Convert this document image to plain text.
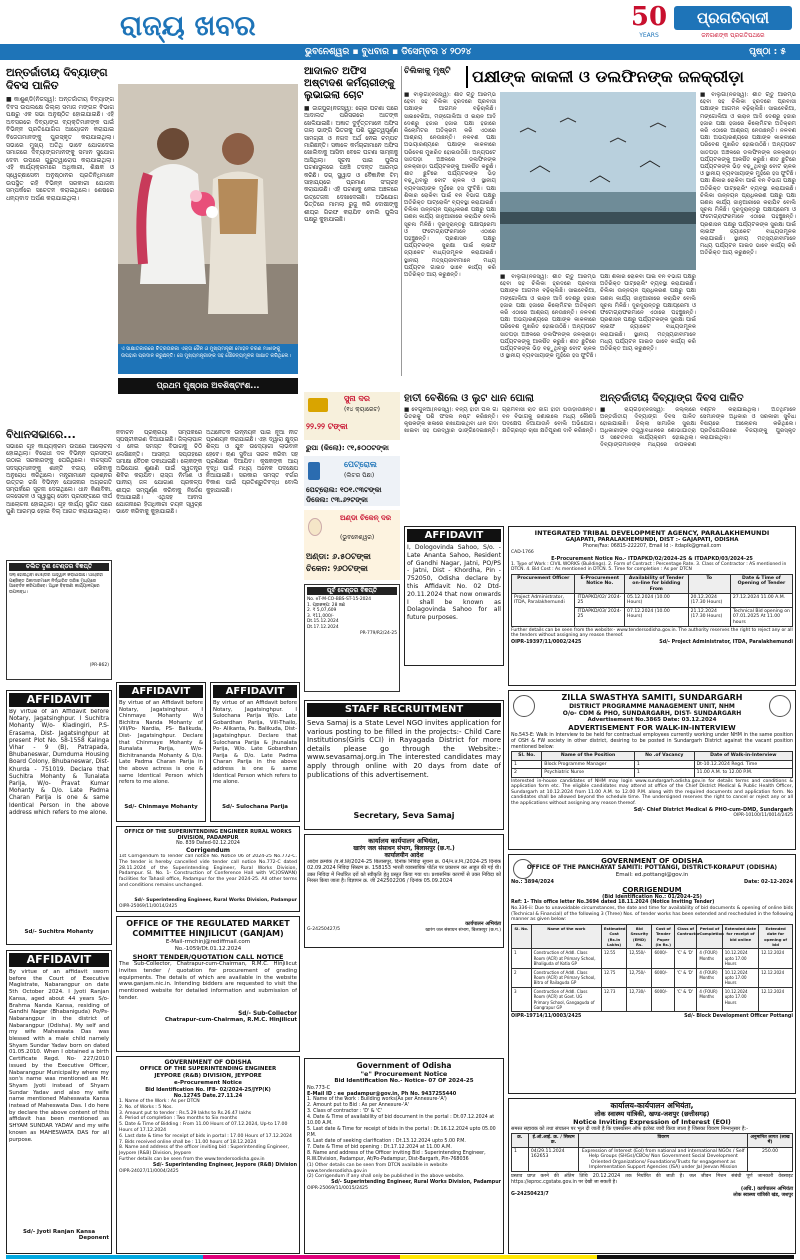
ରାଜ୍ୟ ଖବର
ଭୁବନେଶ୍ୱର ▪ ବୁଧବାର ▪ ଡିସେମ୍ବର ୪ ୨୦୨୪	ପୃଷ୍ଠା : ୫
50
YEARS
ପ୍ରଗତିବାଦୀ
ଜନଗଣଙ୍କ ପ୍ରଗତିପଥରେ
ଅନ୍ତର୍ଜାତୀୟ ଦିବ୍ୟାଙ୍ଗ ଦିବସ ପାଳିତ
■ କାଶୁଣ୍ଡି(ନିଜସ୍ୱ): ଅନ୍ତର୍ଜାତୀୟ ଦିବ୍ୟାଙ୍ଗ ଦିବସ ଉପଲକ୍ଷେ ଜିଲ୍ଲା ସମାଜ ମଙ୍ଗଳ ବିଭାଗ ପକ୍ଷରୁ ଏକ ସଭା ଅନୁଷ୍ଠିତ ହୋଇଯାଇଛି। ଏହି ଅବସରରେ ଦିବ୍ୟାଙ୍ଗ ବ୍ୟକ୍ତିମାନଙ୍କ ପାଇଁ ବିଭିନ୍ନ ପ୍ରତିଯୋଗିତା ଆୟୋଜନ କରାଯାଇ ବିଜେତାମାନଙ୍କୁ ପୁରସ୍କୃତ କରାଯାଇଥିଲା। ସଭାରେ ମୁଖ୍ୟ ଅତିଥି ଭାବେ ଯୋଗଦେଇ ସମାଜରେ ଦିବ୍ୟାଙ୍ଗମାନଙ୍କୁ ସମାନ ସୁଯୋଗ ଦେବା ଉପରେ ଗୁରୁତ୍ୱାରୋପ କରାଯାଇଥିଲା। ଏହି କାର୍ଯ୍ୟକ୍ରମରେ ଅଧିକାରୀ, ଶିକ୍ଷକ ଓ ସ୍ୱେଚ୍ଛାସେବୀ ଅନୁଷ୍ଠାନର ପ୍ରତିନିଧିମାନେ ଉପସ୍ଥିତ ରହି ବିଭିନ୍ନ ସରକାରୀ ଯୋଜନା ସମ୍ପର୍କରେ ସଚେତନ କରାଇଥିଲେ। ଶେଷରେ ଧନ୍ୟବାଦ ଅର୍ପଣ କରାଯାଇଥିଲା।
ଏ ସାକ୍ଷାତକାରରେ ଚିତ୍ରତାରକା ଏକ୍ତା ଜୈନ ଓ ମୁଖ୍ୟମନ୍ତ୍ରୀ ମୋହନ ଚରଣ ମାଝୀଙ୍କୁ ଉପହାର ପ୍ରଦାନ କରୁଛନ୍ତି। ସେ ମୁଖ୍ୟମନ୍ତ୍ରୀଙ୍କ ସହ ସୌଜନ୍ୟମୂଳକ ସାକ୍ଷାତ କରିଥିଲେ।
ଆଦାଲତ ଅଫିସ ଅଷ୍ଟାଦଶ କର୍ମଚାରୀଙ୍କୁ ଲୁଭାଇଲା ଚୋଟ
■ ଜାଜପୁର(ନିଜସ୍ୱ): ଚୋରି ଘଟଣା ପରେ ଆଦାଲତ ପରିସରରେ ଆତଙ୍କ ଖେଳିଯାଇଛି। ଅଜ୍ଞାତ ଦୁର୍ବୃତ୍ତମାନେ ଅଫିସ ତାଲା ଭାଙ୍ଗି ଭିତରକୁ ପଶି ଗୁରୁତ୍ୱପୂର୍ଣ୍ଣ ସାମଗ୍ରୀ ଓ ନଗଦ ଅର୍ଥ ନେଇ ଚମ୍ପଟ ମାରିଛନ୍ତି। ସକାଳେ କର୍ମଚାରୀମାନେ ଅଫିସ ଖୋଲିବାକୁ ଆସିବା ବେଳେ ଘଟଣା ସାମ୍ନାକୁ ଆସିଥିଲା। ସୂଚନା ପାଇ ପୁଲିସ ଘଟଣାସ୍ଥଳରେ ପହଞ୍ଚି ତଦନ୍ତ ଆରମ୍ଭ କରିଛି। ଡଗ୍ ସ୍କ୍ୱାଡ ଓ ବୈଜ୍ଞାନିକ ଟିମ୍ ସାହାଯ୍ୟରେ ପ୍ରମାଣ ସଂଗ୍ରହ କରାଯାଉଛି। ଏହି ଘଟଣାକୁ ନେଇ ଅଞ୍ଚଳରେ ଉତ୍ତେଜନା ଦେଖାଦେଇଛି। ଅଭିଯୋଗ ଭିତ୍ତିରେ ମାମଲା ରୁଜୁ କରି ଦୋଷୀଙ୍କୁ ଶୀଘ୍ର ଗିରଫ କରାଯିବ ବୋଲି ପୁଲିସ ପକ୍ଷରୁ କୁହାଯାଇଛି।
ଚିଲିକାକୁ ମୃଷ୍ଟି	ପକ୍ଷୀଙ୍କ କାକଳୀ ଓ ଡଲଫିନଙ୍କ ଜଳକ୍ରୀଡ଼ା
■ ବାଲୁଗାଁ(ନିଜସ୍ୱ): ଶୀତ ଋତୁ ଆରମ୍ଭ ହେବା ସହ ଚିଲିକା ହ୍ରଦରେ ପ୍ରବାସୀ ପକ୍ଷୀଙ୍କ ଆଗମନ ବଢ଼ିଚାଲିଛି। ସାଇବେରିଆ, ମଙ୍ଗୋଲିଆ ଓ ଇରାନ ଆଦି ଦେଶରୁ ହଜାର ହଜାର ପକ୍ଷୀ ହଜାରେ କିଲୋମିଟର ଅତିକ୍ରମ କରି ଏଠାରେ ଆଶ୍ରୟ ନେଉଛନ୍ତି। ନଳବଣ ପକ୍ଷୀ ଅଭୟାରଣ୍ୟରେ ପକ୍ଷୀଙ୍କ କାକଳୀରେ ପରିବେଶ ମୁଖରିତ ହୋଇଉଠିଛି। ଅନ୍ୟପଟେ ସାତପଡ଼ା ଅଞ୍ଚଳରେ ଡଲଫିନଙ୍କ ଜଳକ୍ରୀଡ଼ା ପର୍ଯ୍ୟଟକଙ୍କୁ ଆକର୍ଷିତ କରୁଛି। ଶୀତ ଛୁଟିରେ ପର୍ଯ୍ୟଟକଙ୍କ ଭିଡ଼ ବଢ଼ୁଥିବାରୁ ବୋଟ ଚାଳକ ଓ ସ୍ଥାନୀୟ ବ୍ୟବସାୟୀଙ୍କ ମୁହଁରେ ହସ ଫୁଟିଛି। ପକ୍ଷୀ ଶିକାର ରୋକିବା ପାଇଁ ବନ ବିଭାଗ ପକ୍ଷରୁ ଅତିରିକ୍ତ ପାଟ୍ରୋଲିଂ ବ୍ୟବସ୍ଥା କରାଯାଇଛି। ଚିଲିକା ଉନ୍ନୟନ ପ୍ରାଧିକରଣ ପକ୍ଷରୁ ପକ୍ଷୀ ଗଣନା କାର୍ଯ୍ୟ ଜାନୁଆରୀରେ କରାଯିବ ବୋଲି ସୂଚନା ମିଳିଛି। ଦୂରଦୂରାନ୍ତରୁ ପକ୍ଷୀପ୍ରେମୀ ଓ ଫଟୋଗ୍ରାଫରମାନେ ଏଠାରେ ପହଞ୍ଚୁଛନ୍ତି। ପ୍ରଶାସନ ପକ୍ଷରୁ ପର୍ଯ୍ୟଟକଙ୍କ ସୁରକ୍ଷା ପାଇଁ ଲାଇଫ ଜ୍ୟାକେଟ ବାଧ୍ୟତାମୂଳକ କରାଯାଇଛି। ସ୍ଥାନୀୟ ମତ୍ସ୍ୟଜୀବୀମାନେ ମଧ୍ୟ ପର୍ଯ୍ୟଟନ ଗାଇଡ ଭାବେ କାର୍ଯ୍ୟ କରି ଅତିରିକ୍ତ ଆୟ କରୁଛନ୍ତି।	■ ବାଲୁଗାଁ(ନିଜସ୍ୱ): ଶୀତ ଋତୁ ଆରମ୍ଭ ହେବା ସହ ଚିଲିକା ହ୍ରଦରେ ପ୍ରବାସୀ ପକ୍ଷୀଙ୍କ ଆଗମନ ବଢ଼ିଚାଲିଛି। ସାଇବେରିଆ, ମଙ୍ଗୋଲିଆ ଓ ଇରାନ ଆଦି ଦେଶରୁ ହଜାର ହଜାର ପକ୍ଷୀ ହଜାରେ କିଲୋମିଟର ଅତିକ୍ରମ କରି ଏଠାରେ ଆଶ୍ରୟ ନେଉଛନ୍ତି। ନଳବଣ ପକ୍ଷୀ ଅଭୟାରଣ୍ୟରେ ପକ୍ଷୀଙ୍କ କାକଳୀରେ ପରିବେଶ ମୁଖରିତ ହୋଇଉଠିଛି। ଅନ୍ୟପଟେ ସାତପଡ଼ା ଅଞ୍ଚଳରେ ଡଲଫିନଙ୍କ ଜଳକ୍ରୀଡ଼ା ପର୍ଯ୍ୟଟକଙ୍କୁ ଆକର୍ଷିତ କରୁଛି। ଶୀତ ଛୁଟିରେ ପର୍ଯ୍ୟଟକଙ୍କ ଭିଡ଼ ବଢ଼ୁଥିବାରୁ ବୋଟ ଚାଳକ ଓ ସ୍ଥାନୀୟ ବ୍ୟବସାୟୀଙ୍କ ମୁହଁରେ ହସ ଫୁଟିଛି। ପକ୍ଷୀ ଶିକାର ରୋକିବା ପାଇଁ ବନ ବିଭାଗ ପକ୍ଷରୁ ଅତିରିକ୍ତ ପାଟ୍ରୋଲିଂ ବ୍ୟବସ୍ଥା କରାଯାଇଛି। ଚିଲିକା ଉନ୍ନୟନ ପ୍ରାଧିକରଣ ପକ୍ଷରୁ ପକ୍ଷୀ ଗଣନା କାର୍ଯ୍ୟ ଜାନୁଆରୀରେ କରାଯିବ ବୋଲି ସୂଚନା ମିଳିଛି। ଦୂରଦୂରାନ୍ତରୁ ପକ୍ଷୀପ୍ରେମୀ ଓ ଫଟୋଗ୍ରାଫରମାନେ ଏଠାରେ ପହଞ୍ଚୁଛନ୍ତି। ପ୍ରଶାସନ ପକ୍ଷରୁ ପର୍ଯ୍ୟଟକଙ୍କ ସୁରକ୍ଷା ପାଇଁ ଲାଇଫ ଜ୍ୟାକେଟ ବାଧ୍ୟତାମୂଳକ କରାଯାଇଛି। ସ୍ଥାନୀୟ ମତ୍ସ୍ୟଜୀବୀମାନେ ମଧ୍ୟ ପର୍ଯ୍ୟଟନ ଗାଇଡ ଭାବେ କାର୍ଯ୍ୟ କରି ଅତିରିକ୍ତ ଆୟ କରୁଛନ୍ତି।
■ ବାଲୁଗାଁ(ନିଜସ୍ୱ): ଶୀତ ଋତୁ ଆରମ୍ଭ ହେବା ସହ ଚିଲିକା ହ୍ରଦରେ ପ୍ରବାସୀ ପକ୍ଷୀଙ୍କ ଆଗମନ ବଢ଼ିଚାଲିଛି। ସାଇବେରିଆ, ମଙ୍ଗୋଲିଆ ଓ ଇରାନ ଆଦି ଦେଶରୁ ହଜାର ହଜାର ପକ୍ଷୀ ହଜାରେ କିଲୋମିଟର ଅତିକ୍ରମ କରି ଏଠାରେ ଆଶ୍ରୟ ନେଉଛନ୍ତି। ନଳବଣ ପକ୍ଷୀ ଅଭୟାରଣ୍ୟରେ ପକ୍ଷୀଙ୍କ କାକଳୀରେ ପରିବେଶ ମୁଖରିତ ହୋଇଉଠିଛି। ଅନ୍ୟପଟେ ସାତପଡ଼ା ଅଞ୍ଚଳରେ ଡଲଫିନଙ୍କ ଜଳକ୍ରୀଡ଼ା ପର୍ଯ୍ୟଟକଙ୍କୁ ଆକର୍ଷିତ କରୁଛି। ଶୀତ ଛୁଟିରେ ପର୍ଯ୍ୟଟକଙ୍କ ଭିଡ଼ ବଢ଼ୁଥିବାରୁ ବୋଟ ଚାଳକ ଓ ସ୍ଥାନୀୟ ବ୍ୟବସାୟୀଙ୍କ ମୁହଁରେ ହସ ଫୁଟିଛି। ପକ୍ଷୀ ଶିକାର ରୋକିବା ପାଇଁ ବନ ବିଭାଗ ପକ୍ଷରୁ ଅତିରିକ୍ତ ପାଟ୍ରୋଲିଂ ବ୍ୟବସ୍ଥା କରାଯାଇଛି। ଚିଲିକା ଉନ୍ନୟନ ପ୍ରାଧିକରଣ ପକ୍ଷରୁ ପକ୍ଷୀ ଗଣନା କାର୍ଯ୍ୟ ଜାନୁଆରୀରେ କରାଯିବ ବୋଲି ସୂଚନା ମିଳିଛି। ଦୂରଦୂରାନ୍ତରୁ ପକ୍ଷୀପ୍ରେମୀ ଓ ଫଟୋଗ୍ରାଫରମାନେ ଏଠାରେ ପହଞ୍ଚୁଛନ୍ତି। ପ୍ରଶାସନ ପକ୍ଷରୁ ପର୍ଯ୍ୟଟକଙ୍କ ସୁରକ୍ଷା ପାଇଁ ଲାଇଫ ଜ୍ୟାକେଟ ବାଧ୍ୟତାମୂଳକ କରାଯାଇଛି। ସ୍ଥାନୀୟ ମତ୍ସ୍ୟଜୀବୀମାନେ ମଧ୍ୟ ପର୍ଯ୍ୟଟନ ଗାଇଡ ଭାବେ କାର୍ଯ୍ୟ କରି ଅତିରିକ୍ତ ଆୟ କରୁଛନ୍ତି।
ପ୍ରଥମ ପୃଷ୍ଠାର ଅବଶିଷ୍ଟାଂଶ...
ବିଧାନସଭାରେ...
ସଭାରେ ଗୃହ କାର୍ଯ୍ୟକ୍ରମ ଉପରେ ଆଲୋଚନା ହୋଇଥିଲା। ବିରୋଧୀ ଦଳ ବିଭିନ୍ନ ପ୍ରସଙ୍ଗ ଉଠାଇ ସରକାରଙ୍କୁ ଘେରିଥିଲେ। ବାଚସ୍ପତି ସଦସ୍ୟମାନଙ୍କୁ ଶାନ୍ତି ବଜାୟ ରଖିବାକୁ ଅନୁରୋଧ କରିଥିଲେ। ମନ୍ତ୍ରୀମାନେ ପ୍ରଶ୍ନର ଉତ୍ତର ରଖି ବିଭିନ୍ନ ଯୋଜନାର ଅଗ୍ରଗତି ସମ୍ପର୍କରେ ସୂଚନା ଦେଇଥିଲେ। ଧାନ କିଣାବିକା, ଜଳସେଚନ ଓ ସ୍ୱାସ୍ଥ୍ୟ ସେବା ପ୍ରସଙ୍ଗରେ ଦୀର୍ଘ ଆଲୋଚନା ହୋଇଥିଲା। ଗୃହ କାର୍ଯ୍ୟ ସ୍ଥଗିତ ପରେ ପୁଣି ଆରମ୍ଭ ହୋଇ ବିଲ୍ ଆଗତ କରାଯାଇଥିଲା।
ଚଲିତ ତୃଣ ଟେଣ୍ଡର ବିଜ୍ଞପ୍ତି
ସିଲ୍ ହୋଇଥିବା ଟେଣ୍ଡର ଆହ୍ୱାନ କରାଯାଉଛି। ଆଗ୍ରହୀ ପଞ୍ଜିକୃତ ଠିକାଦାରମାନେ ନିର୍ଦ୍ଧାରିତ ତାରିଖ ମଧ୍ୟରେ ଆବେଦନ କରିପାରିବେ। ଅଧିକ ବିବରଣୀ କାର୍ଯ୍ୟାଳୟରେ ଉପଲବ୍ଧ।
(PR-862)
ନିର୍ବାଚନ ପ୍ରକ୍ରିୟା ସମ୍ପର୍କରେ ସ୍ପଷ୍ଟୀକରଣ ଦିଆଯାଇଛି। ଜିଲ୍ଲାପାଳ ଏ ନେଇ ସମସ୍ତ ବିଭାଗକୁ ଚିଠି ଲେଖିଛନ୍ତି। ଆସନ୍ତା ସପ୍ତାହରେ ସମୀକ୍ଷା ବୈଠକ ଡକାଯାଇଛି। ଲୋକଙ୍କ ଅଭିଯୋଗ ଶୁଣାଣି ପାଇଁ ସ୍ୱତନ୍ତ୍ର ଶିବିର କରାଯିବ। ରାସ୍ତା ନିର୍ମାଣ ଓ ପାନୀୟ ଜଳ ଯୋଗାଣ ପ୍ରକଳ୍ପ ଶୀଘ୍ର ସମ୍ପୂର୍ଣ୍ଣ କରିବାକୁ ନିର୍ଦ୍ଦେଶ ଦିଆଯାଇଛି। ଏଥିସହ ଆବାସ ଯୋଜନାରେ ହିତାଧିକାରୀ ଚୟନ ସ୍ୱଚ୍ଛ ଭାବେ କରିବାକୁ କୁହାଯାଇଛି।
ଅର୍ଥନୈତିକ ଉନ୍ନୟନ ପାଇଁ ନୂଆ ନୀତି ପ୍ରଣୟନ କରାଯାଇଛି। ଏହା ଦ୍ୱାରା କ୍ଷୁଦ୍ର ଶିଳ୍ପ ଓ ଯୁବ ଉଦ୍ୟୋଗୀ ଲାଭବାନ ହେବେ। ଋଣ ସୁବିଧା ସରଳ କରିବା ସହ ପ୍ରଶିକ୍ଷଣ ଦିଆଯିବ। କୃଷକଙ୍କ ଆୟ ବୃଦ୍ଧି ପାଇଁ ମଧ୍ୟ ଅନେକ ପଦକ୍ଷେପ ନିଆଯାଇଛି। ସରକାର ସମସ୍ତ ବର୍ଗର ବିକାଶ ପାଇଁ ପ୍ରତିଶ୍ରୁତିବଦ୍ଧ ବୋଲି କୁହାଯାଇଛି।
ସୁନା ଦର
(୧୪ କ୍ୟାରେଟ)
୨୨.୨୨ ଟଙ୍କା
ରୁପା (କିଲୋ): ୯୧,୫୦୦ଟଙ୍କା
ପେଟ୍ରୋଲ
(ଲିଟର ପିଛା)
ପେଟ୍ରୋଲ: ୧୦୧.୯୩ଟଙ୍କା
ଡିଜେଲ: ୯୩.୬୨ଟଙ୍କା
ଅଣ୍ଡା ଚିକେନ୍ ଦର
(ଭୁବନେଶ୍ୱର)
ଅଣ୍ଡା: ୬.୫୦ଟଙ୍କା
ଚିକେନ: ୨୬୦ଟଙ୍କା
ପୂର୍ବ ଟେଣ୍ଡର ବିଜ୍ଞପ୍ତି
No. eT-M-CO-BBS-ST-15-2024
1. ପ୍ରକଳ୍ପ: 28 ଜଣ
2. ₹ 5,07,609
3. ₹11,000/-
Dt.15.12.2024
Dt.17.12.2024
PR-779/R2/24-25
ହାତୀ ବେଶିଲେ ଓ ଲୁଟ ଧାନ ପୋଲା
■ ବେଗୁନିଆ(ନିଜସ୍ୱ): ବନ୍ୟ ହାତୀ ପଲ ଗାଁ ଭିତରକୁ ପଶି ଫସଲ ନଷ୍ଟ କରିଛନ୍ତି। କୃଷକଙ୍କ ଖଳାରେ ରଖାଯାଇଥିବା ଧାନ ଗଦା ଖାଇବା ସହ ଘରଦ୍ୱାର ଭାଙ୍ଗିଦେଇଛନ୍ତି। ଗ୍ରାମବାସୀ ରାତି ଜାଗି ହାତୀ ଘଉଡ଼ାଉଛନ୍ତି। ବନ ବିଭାଗକୁ ଜଣାଇଲେ ମଧ୍ୟ କୌଣସି ପଦକ୍ଷେପ ନିଆଯାଉନି ବୋଲି ଅଭିଯୋଗ। କ୍ଷତିଗ୍ରସ୍ତ ଚାଷୀ କ୍ଷତିପୂରଣ ଦାବି କରିଛନ୍ତି।
ଅନ୍ତର୍ଜାତୀୟ ଦିବ୍ୟାଙ୍ଗ ଦିବସ ପାଳିତ
■ ରାୟଗଡ଼ା(ନିଜସ୍ୱ): ଜିଲ୍ଲାରେ ଅନ୍ତର୍ଜାତୀୟ ଦିବ୍ୟାଙ୍ଗ ଦିବସ ପାଳିତ ହୋଇଯାଇଛି। ଜିଲ୍ଲା ସାମାଜିକ ସୁରକ୍ଷା ଅଧିକାରୀଙ୍କ ତତ୍ତ୍ୱାବଧାନରେ ଶୋଭାଯାତ୍ରା ଓ ସଚେତନତା କାର୍ଯ୍ୟକ୍ରମ ହୋଇଥିଲା। ଦିବ୍ୟାଙ୍ଗମାନଙ୍କ ମଧ୍ୟରେ ଉପକରଣ ବଣ୍ଟନ କରାଯାଇଥିଲା। ଅତିଥିମାନେ ସେମାନଙ୍କ ଅଧିକାର ଓ ସରକାରୀ ସୁବିଧା ବିଷୟରେ ଆଲୋଚନା କରିଥିଲେ। ପ୍ରତିଯୋଗିତାରେ ବିଜୟୀଙ୍କୁ ପୁରସ୍କୃତ କରାଯାଇଥିଲା।
INTEGRATED TRIBAL DEVELOPMENT AGENCY, PARALAKHEMUNDI
GAJAPATI, PARALAKHEMUNDI, DIST :- GAJAPATI, ODISHA
Phone/Fax: 06815-222207, Email Id :- itdaplk@gmail.com
CAD-1766
E-Procurement Notice No.- ITDAPKD/02/2024-25 & ITDAPKD/03/2024-25
1. Type of Work : CIVIL WORKS (Buildings). 2. Form of Contract : Percentage Rate. 3. Class of Contractor : AS mentioned in DTCN. 4. Bid Cost : As mentioned in DTCN. 5. Time for completion : As per DTCN
Procurement Officer	E-Procurement Notice No.	Availability of Tender on-line for bidding From	To	Date & Time of Opening of Tender
Project Administrator, ITDA, Paralakhemundi	ITDAPKD/02/ 2024-25	05.12.2024 (10.00 Hours)	20.12.2024 (17.30 Hours)	27.12.2024 11.00 A.M.
	ITDAPKD/03/ 2024-25	07.12.2024 (10.00 Hours)	21.12.2024 (17.30 Hours)	Technical Bid opening on 07.01.2025 At 11.00 hours
Further details can be seen from the website:- www.tendersodisha.gov.in. The authority reserves the right to reject any or all the tenders without assigning any reason thereof.
OIPR-19397/11/0002/2425	Sd/- Project Administrator, ITDA, Paralakhemundi
ZILLA SWASTHYA SAMITI, SUNDARGARH
DISTRICT PROGRAMME MANAGEMENT UNIT, NHM
O/o- CDM & PHO, SUNDARGARH, DIST- SUNDARGARH
Advertisement No.3865 Date: 03.12.2024
ADVERTISEMENT FOR WALK-IN-INTERVIEW
No.543-E: Walk in Interview to be held for contractual employees currently working under NHM in the same position of OSH & FW society in other district, desiring to be posted in Sundargarh District against the vacant position mentioned below:
Sl. No.	Name of the Position	No .of Vacancy	Date of Walk-in-Interview
1	Block Programme Manager	1	Dt-10.12.2024 Regd. Time
2	Psychiatric Nurse	1	11.00 A.M. to 12.00 P.M.
Interested in-house candidates of NHM may login www.sundargarh.odisha.gov.in for details terms and conditions & application form etc. The eligible candidates may attend at office of the Chief District Medical & Public Health Officer, Sundargarh at 10.12.2024 from 11.00 A.M. to 12.00 P.M. along with the required documents and application form. No candidates shall be allowed beyond the schedule time. The undersigned reserves the right to cancel or reject any or all the applications without assigning any reason thereof.
Sd/- Chief District Medical & PHO-cum-DMD, Sundargarh
OIPR-10100/11/0014/2425
AFFIDAVIT
By virtue of an Affidavit before Notary, Jagatsinghpur. I Chinmaye Mohanty W/o Bichitra Nanda Mohanty of Vill/Po- Nardia, PS- Balikuda, Dist- Jagatsinghpur. Declare that Chinmaye Mohanty & Runalata Parija, W/o- Bichitrananda Mohanty & D/o. Late Padma Charan Parija in the above actress is one & same Identical Person which refers to me alone.
Sd/- Chinmaye Mohanty
AFFIDAVIT
By virtue of an Affidavit before Notary, Jagatsinghpur. I Sulochana Parija W/o. Late Gobardhan Parija, Vill-Thailo, Po- Alikanta, Ps. Balikuda, Dist- Jagatsinghpur. Declare that Sulochana Parija & Jhunalata Parija, W/o. Late Gobardhan Parija & D/o. Late Padma Charan Parija in the above address is one & same Identical Person which refers to me alone.
Sd/- Sulochana Parija
AFFIDAVIT
By virtue of an Affidavit before Notary, Jagatsinghpur. I Suchitra Mohanty W/o- Kiadingiri, P.S- Erasama, Dist- Jagatsinghpur at present Plot No. 58-1558 Kalinga Vihar - 9 (B), Patrapada, Bhubaneswar, Dumduma Housing Board Colony, Bhubaneswar, Dist- Khurda - 751019. Declare that Suchitra Mohanty & Tunalata Parija, W/o- Pravat Kumar Mohanty & D/o. Late Padma Charan Parija is one & same Identical Person in the above address which refers to me alone.
Sd/- Suchitra Mohanty
AFFIDAVIT
By virtue of an affidavit sworn before the Court of Executive Magistrate, Nabarangpur on date 5th October 2024. I Jyoti Ranjan Kansa, aged about 44 years S/o- Brahma Nanda Kansa, residing of Gandhi Nagar (Bhabaniguda) Po/Ps- Nabarangpur in the district of Nabarangpur (Odisha). My self and my wife Maheswata Das was blessed with a male child namely Shyam Sundar Yadav born on dated 01.05.2010. When I obtained a birth Certificate Regd. No- 227/2010 issued by the Executive Officer, Nabarangpur Municipality where my son's name was mentioned as Mr. Shyam Jyoti instead of Shyam Sundar Yadav and also my wife name mentioned Maheswata Kansa instead of Maheswata Das. I do here by declare the above content of this affidavit has been mentioned as SHYAM SUNDAR YADAV and my wife known as MAHESWATA DAS for all purpose.
Sd/- Jyoti Ranjan Kansa
Deponent
AFFIDAVIT
I, Dologovinda Sahoo, S/o. - Late Ananta Sahoo, Resident of Gandhi Nagar, Jatni, PO/PS - Jatni, Dist - Khordha, Pin - 752050, Odisha declare by this Affidavit No. 02 Dtd- 20.11.2024 that now onwards I shall be known as Dolagovinda Sahoo for all future purposes.
OFFICE OF THE SUPERINTENDING ENGINEER RURAL WORKS DIVISION, PADAMPUR
No. 839 Dated-02.12.2024
Corrigendum
1st Corrigendum to Tender call notice No. Notice 06 of 2024-25 No.772-C. The tender is hereby cancelled vide tender call notice No.772-C dated 28.11.2024 of the Superintending Engineer, Rural Works Division, Padampur. Sl. No. 1- Construction of Conference Hall with VC(OSWAN) facilities for Tahasil office, Padampur for the year 2024-25. All other terms and conditions remains unchanged.
Sd/- Superintending Engineer, Rural Works Division, Padampur
OIPR-25069/11/0014/2425
STAFF RECRUITMENT
Seva Samaj is a State Level NGO invites application for various posting to be filled in the projects:- Child Care Institutions(Girls CCI) in Rayagada District for more details please go through the Website:-www.sevasamaj.org.in The interested candidates may apply through online with 20 days from date of publications of this advertisement.
Secretary, Seva Samaj
कार्यालय कार्यपालन अभियंता,
खारंग जल संसाधन संभाग, बिलासपुर (छ.ग.)
कार्यालयीन आदेश
आदेश क्रमांक /व.से.लि/2024-25 बिलासपुर, दिनांक निविदा सूचना क्र. 04/न.त.नि./2024-25 दिनांक 02.09.2024 निविदा सिस्टम क्र. 158153 भारती व्यवसायिक पोर्टल पर प्रकाशन कर आहूत की गई थी। उक्त निविदा में निर्धारित दरों को स्वीकृति हेतु प्रस्तुत किया गया था। प्रशासनिक कारणों से उक्त निविदा को निरस्त किया जाता है। विज्ञापन क्र. जी 242502206 / दिनांक 05.09.2024
कार्यपालन अभियंता
G-24250427/5	खारंग जल संसाधन संभाग, बिलासपुर (छ.ग.)
OFFICE OF THE REGULATED MARKET COMMITTEE HINJILICUT (GANJAM)
E-Mail-rmchinj@rediffmail.com
No.-1059/Dt.01.12.2024
SHORT TENDER/QUOTATION CALL NOTICE
The Sub-Collector, Chatrapur-cum-Chairman, R.M.C. Hinjilicut invites tender / quotation for procurement of grading equipments. The details of which are available in the website www.ganjam.nic.in. Intending bidders are requested to visit the mentioned website for detailed information and submission of tender.
Sd/- Sub-Collector
Chatrapur-cum-Chairman, R.M.C. Hinjilicut
GOVERNMENT OF ODISHA
OFFICE OF THE SUPERINTENDING ENGINEER
JEYPORE (R&B) DIVISION, JEYPORE
e-Procurement Notice
Bid Identification No. IFB- 02/2024-25/JYP(K)
No.12745 Date.27.11.24
1. Name of the Work : As per DTCN
2. No. of Works : 5 Nos.
3. Amount put to tender : Rs.5.29 lakhs to Rs.26.47 lakhs
4. Period of completion : Two months to Six months
5. Date & Time of Bidding : From 11.00 Hours of 07.12.2024, Up-to 17.00 Hours of 17.12.2024
6. Last date & time for receipt of bids in portal : 17.00 Hours of 17.12.2024
7. Bids received online shall be : 11.00 hours of 18.12.2024
8. Name and address of the officer inviting bid : Superintending Engineer, Jeypore (R&B) Division, Jeypore
Further details can be seen from the www.tendersodisha.gov.in
Sd/- Superintending Engineer, Jeypore (R&B) Division
OIPR-24027/11/0004/2425
Government of Odisha
"e" Procurement Notice
Bid Identification No.- Notice- 07 OF 2024-25
No.773-C
E-Mail ID : ee_padampur@gov.in, Ph No. 9437255440
1. Name of the work : Building works(As per Annexure-'A')
2. Amount put to Bid : As per Annexure-'A'
3. Class of contractor : 'D' & 'C'
4. Date & Time of availability of bid document in the portal : Dt.07.12.2024 at 10.00 A.M.
5. Last date & Time for receipt of bids in the portal : Dt.16.12.2024 upto 05.00 P.M.
6. Last date of seeking clarification : Dt.13.12.2024 upto 5.00 P.M.
7. Date & Time of bid opening : Dt.17.12.2024 at 11.00 A.M.
8. Name and address of the Officer inviting Bid : Superintending Engineer, R.W.Division, Padampur, At/Po-Padampur, Dist-Bargarh, Pin-768036
(1) Other details can be seen from DTCN available in website www.tendersodisha.gov.in
(2) Corrigendum if any shall only be published in the above website.
Sd/- Superintending Engineer, Rural Works Division, Padampur
OIPR-25069/11/0015/2425
GOVERNMENT OF ODISHA
OFFICE OF THE PANCHAYAT SAMITI: POTTANGI, DISTRICT-KORAPUT (ODISHA)
Email: ed.pottangi@gov.in
No.: 3894/2024	Date: 02-12-2024
CORRIGENDUM
(Bid Identification No.: 01/2024-25)
Ref: 1- This office letter No.3694 dated 18.11.2024 (Notice Inviting Tender)
No.336-ii: Due to unavoidable circumstances, the date and time for availability of bid documents & opening of online bids (Technical & Financial) of the following 3 (Three) Nos. of tender works has been extended and rescheduled in the following manner as given below:
Sl. No.	Name of the work	Estimated Cost (Rs.in Lakhs)	Bid Security (EMD) Rs.	Cost of Tender Paper (In Rs.)	Class of Contractor	Period of Completion	Extended date for receipt of bid online	Extended date for opening of bid
1	Construction of Addl. Class Room (ACR) at Primary School, Bhaliguda of Kotia GP	12.55	12,550/-	6000/-	'C' & 'D'	4 (FOUR) Months	10.12.2024 upto 17.00 Hours	12.12.2024
2	Construction of Addl. Class Room (ACR) at Primary School, Bitra of Railaguda GP	12.75	12,750/-	6000/-	'C' & 'D'	4 (FOUR) Months	10.12.2024 upto 17.00 Hours	12.12.2024
3	Construction of Addl. Class Room (ACR) at Govt. UG Primary School, Gangaguda of Gangrapur GP	12.73	12,730/-	6000/-	'C' & 'D'	4 (FOUR) Months	10.12.2024 upto 17.00 Hours	12.12.2024
OIPR-19714/11/0003/2425	Sd/- Block Development Officer Pottangi
कार्यालय-कार्यपालन अभियंता,
लोक स्वास्थ्य यांत्रिकी, खण्ड-जशपुर (छत्तीसगढ़)
Notice Inviting Expression of Interest (EOI)
समस्त सहायक को तथा संचालन पर भूल दी जाती है कि एक्सप्रेसन ऑफ इंटरेस्ट जारी किया जाता है जिसका विवरण निम्नानुसार है:-
क्र.	ई.ओ.आई. क्र. / सिस्टम क्र.	विवरण	अनुमानित लागत (लाख में)
1	04/29.11.2024 162653	Expression of Interest (Eol) from national and international NGOs / Self Help Groups (SHGs)/CBOs/ Non Government Social Development Oriented Organizations/ Foundations/Trusts for engagement as Implementation Support Agencies (ISA) under Jal Jeevan Mission	250.00
प्रस्ताव प्राप्त करने की अंतिम तिथि 20.12.2024 तक निर्धारित की जाती है। जल जीवन मिशन संबंधी पूर्ण जानकारी वेबसाइट https://eproc.cgstate.gov.in पर देखी जा सकती है।
(अधि.) कार्यपालन अभियंता
G-24250423/7	लोक स्वास्थ्य यांत्रिकी खंड, जशपुर
